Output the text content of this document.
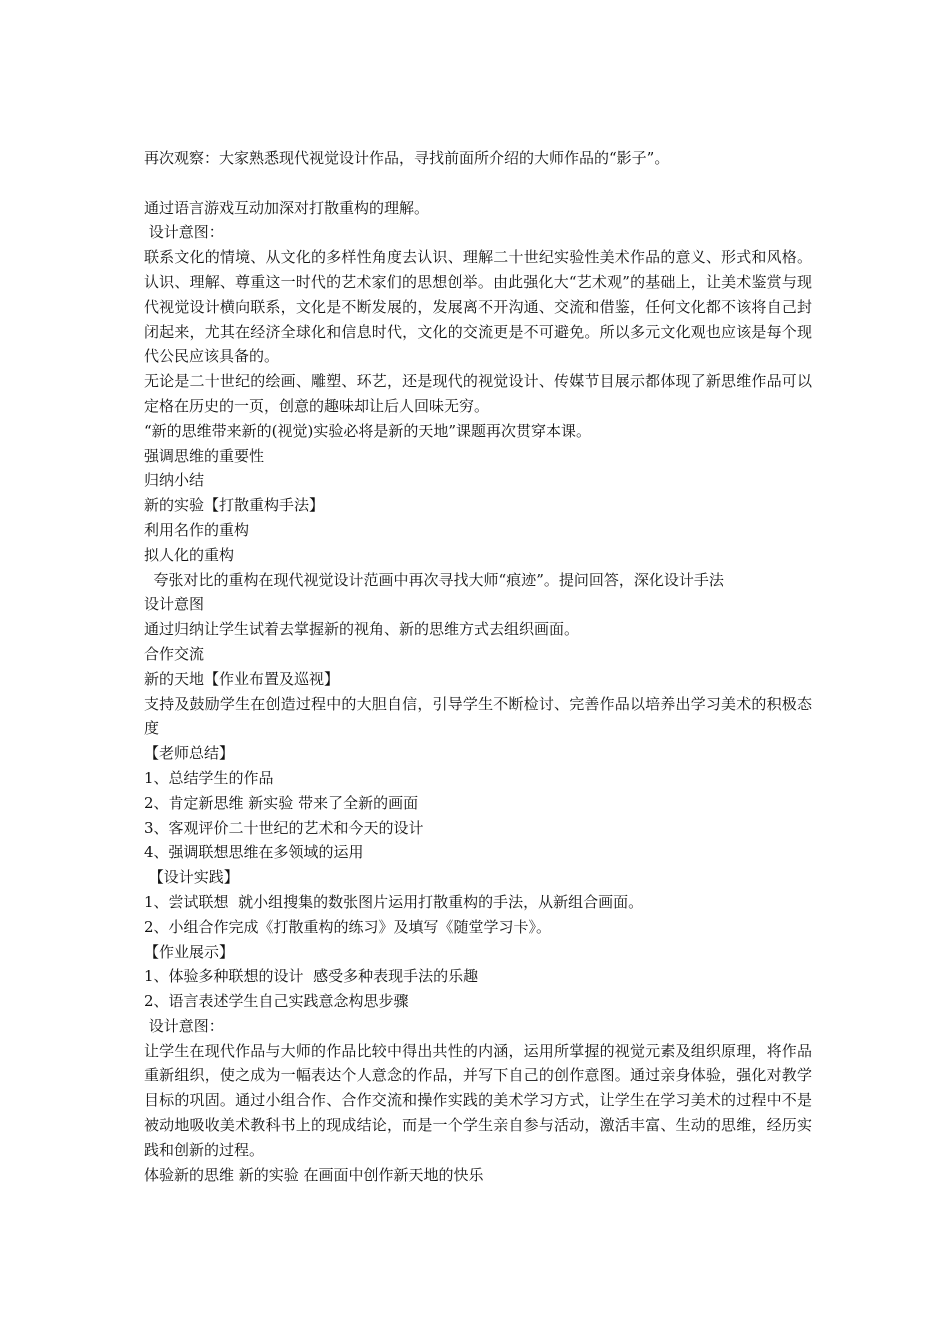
再次观察：大家熟悉现代视觉设计作品，寻找前面所介绍的大师作品的“影子”。
通过语言游戏互动加深对打散重构的理解。
设计意图：
联系文化的情境、从文化的多样性角度去认识、理解二十世纪实验性美术作品的意义、形式和风格。认识、理解、尊重这一时代的艺术家们的思想创举。由此强化大“艺术观”的基础上，让美术鉴赏与现代视觉设计横向联系，文化是不断发展的，发展离不开沟通、交流和借鉴，任何文化都不该将自己封闭起来，尤其在经济全球化和信息时代，文化的交流更是不可避免。所以多元文化观也应该是每个现代公民应该具备的。
无论是二十世纪的绘画、雕塑、环艺，还是现代的视觉设计、传媒节目展示都体现了新思维作品可以定格在历史的一页，创意的趣味却让后人回味无穷。
“新的思维带来新的(视觉)实验必将是新的天地”课题再次贯穿本课。
强调思维的重要性
归纳小结
新的实验【打散重构手法】
利用名作的重构
拟人化的重构
夸张对比的重构在现代视觉设计范画中再次寻找大师“痕迹”。提问回答，深化设计手法
设计意图
通过归纳让学生试着去掌握新的视角、新的思维方式去组织画面。
合作交流
新的天地【作业布置及巡视】
支持及鼓励学生在创造过程中的大胆自信，引导学生不断检讨、完善作品以培养出学习美术的积极态度
【老师总结】
1、总结学生的作品
2、肯定新思维 新实验 带来了全新的画面
3、客观评价二十世纪的艺术和今天的设计
4、强调联想思维在多领域的运用
【设计实践】
1、尝试联想  就小组搜集的数张图片运用打散重构的手法，从新组合画面。
2、小组合作完成《打散重构的练习》及填写《随堂学习卡》。
【作业展示】
1、体验多种联想的设计  感受多种表现手法的乐趣
2、语言表述学生自己实践意念构思步骤
设计意图：
让学生在现代作品与大师的作品比较中得出共性的内涵，运用所掌握的视觉元素及组织原理，将作品重新组织，使之成为一幅表达个人意念的作品，并写下自己的创作意图。通过亲身体验，强化对教学目标的巩固。通过小组合作、合作交流和操作实践的美术学习方式，让学生在学习美术的过程中不是被动地吸收美术教科书上的现成结论，而是一个学生亲自参与活动，激活丰富、生动的思维，经历实践和创新的过程。
体验新的思维 新的实验 在画面中创作新天地的快乐
